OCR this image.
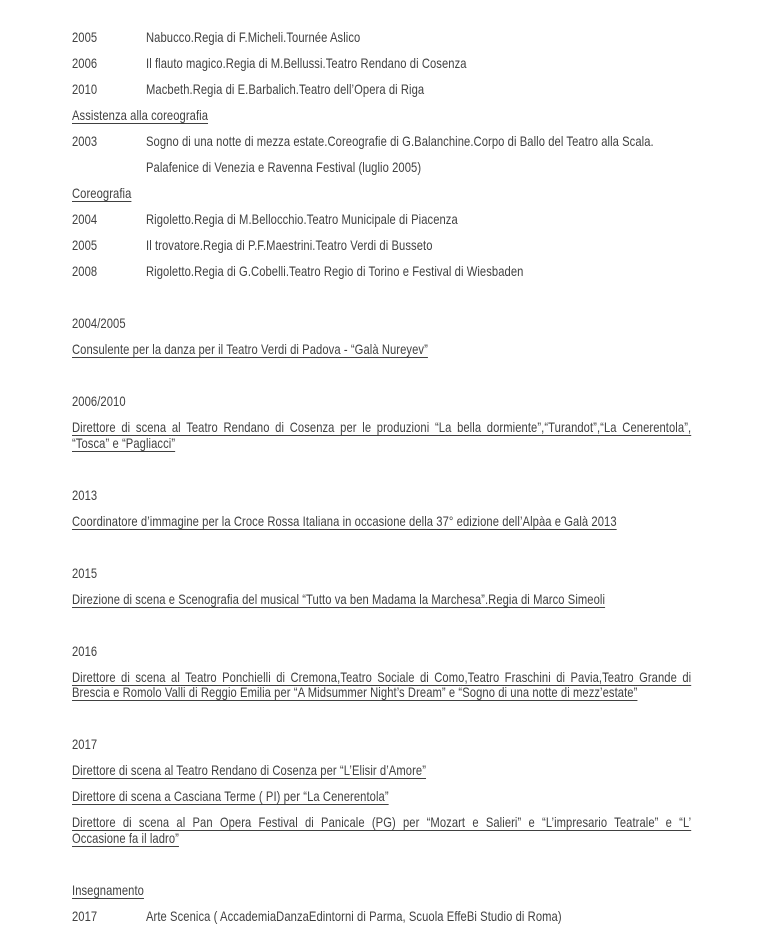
2005	Nabucco.Regia di F.Micheli.Tournée Aslico
2006	Il flauto magico.Regia di M.Bellussi.Teatro Rendano di Cosenza
2010	Macbeth.Regia di E.Barbalich.Teatro dell’Opera di Riga
Assistenza alla coreografia
2003	Sogno di una notte di mezza estate.Coreografie di G.Balanchine.Corpo di Ballo del Teatro alla Scala.
Palafenice di Venezia e Ravenna Festival (luglio 2005)
Coreografia
2004	Rigoletto.Regia di M.Bellocchio.Teatro Municipale di Piacenza
2005	Il trovatore.Regia di P.F.Maestrini.Teatro Verdi di Busseto
2008	Rigoletto.Regia di G.Cobelli.Teatro Regio di Torino e Festival di Wiesbaden
2004/2005
Consulente per la danza per il Teatro Verdi di Padova - “Galà Nureyev”
2006/2010
Direttore di scena al Teatro Rendano di Cosenza per le produzioni “La bella dormiente”,“Turandot”,“La Cenerentola”,
“Tosca” e “Pagliacci”
2013
Coordinatore d’immagine per la Croce Rossa Italiana in occasione della 37° edizione dell’Alpàa e Galà 2013
2015
Direzione di scena e Scenografia del musical “Tutto va ben Madama la Marchesa”.Regia di Marco Simeoli
2016
Direttore di scena al Teatro Ponchielli di Cremona,Teatro Sociale di Como,Teatro Fraschini di Pavia,Teatro Grande di
Brescia e Romolo Valli di Reggio Emilia per “A Midsummer Night’s Dream” e “Sogno di una notte di mezz’estate”
2017
Direttore di scena al Teatro Rendano di Cosenza per “L’Elisir d’Amore”
Direttore di scena a Casciana Terme ( PI) per “La Cenerentola”
Direttore di scena al Pan Opera Festival di Panicale (PG) per “Mozart e Salieri” e “L’impresario Teatrale” e “L’
Occasione fa il ladro”
Insegnamento
2017	Arte Scenica ( AccademiaDanzaEdintorni di Parma, Scuola EffeBi Studio di Roma)
